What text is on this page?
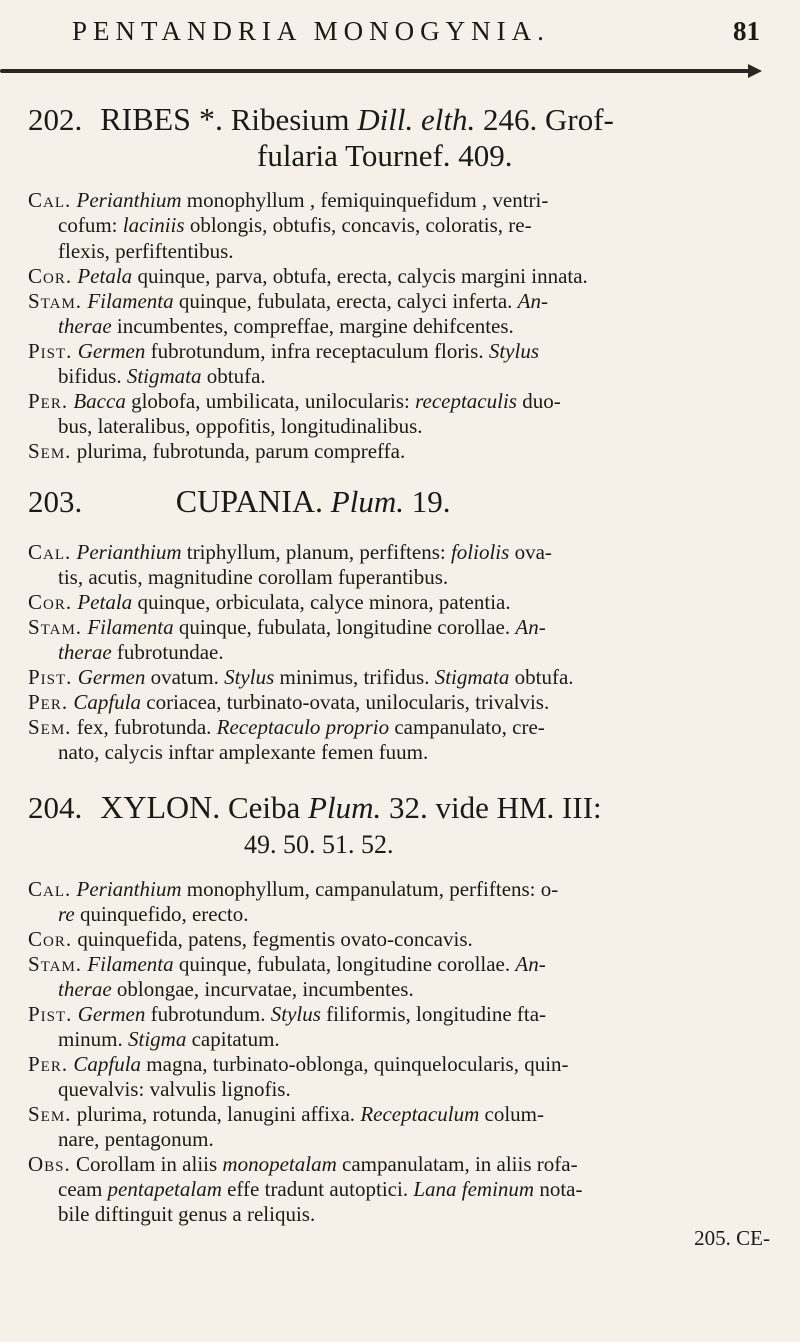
PENTANDRIA MONOGYNIA.	81
202. RIBES *. Ribesium Dill. elth. 246. Grof-
fularia Tournef. 409.
Cal. Perianthium monophyllum , femiquinquefidum , ventri-
cofum: laciniis oblongis, obtufis, concavis, coloratis, re-
flexis, perfiftentibus.
Cor. Petala quinque, parva, obtufa, erecta, calycis margini innata.
Stam. Filamenta quinque, fubulata, erecta, calyci inferta. An-
therae incumbentes, compreffae, margine dehifcentes.
Pist. Germen fubrotundum, infra receptaculum floris. Stylus
bifidus. Stigmata obtufa.
Per. Bacca globofa, umbilicata, unilocularis: receptaculis duo-
bus, lateralibus, oppofitis, longitudinalibus.
Sem. plurima, fubrotunda, parum compreffa.
203.	CUPANIA. Plum. 19.
Cal. Perianthium triphyllum, planum, perfiftens: foliolis ova-
tis, acutis, magnitudine corollam fuperantibus.
Cor. Petala quinque, orbiculata, calyce minora, patentia.
Stam. Filamenta quinque, fubulata, longitudine corollae. An-
therae fubrotundae.
Pist. Germen ovatum. Stylus minimus, trifidus. Stigmata obtufa.
Per. Capfula coriacea, turbinato-ovata, unilocularis, trivalvis.
Sem. fex, fubrotunda. Receptaculo proprio campanulato, cre-
nato, calycis inftar amplexante femen fuum.
204. XYLON. Ceiba Plum. 32. vide HM. III:
49. 50. 51. 52.
Cal. Perianthium monophyllum, campanulatum, perfiftens: o-
re quinquefido, erecto.
Cor. quinquefida, patens, fegmentis ovato-concavis.
Stam. Filamenta quinque, fubulata, longitudine corollae. An-
therae oblongae, incurvatae, incumbentes.
Pist. Germen fubrotundum. Stylus filiformis, longitudine fta-
minum. Stigma capitatum.
Per. Capfula magna, turbinato-oblonga, quinquelocularis, quin-
quevalvis: valvulis lignofis.
Sem. plurima, rotunda, lanugini affixa. Receptaculum colum-
nare, pentagonum.
Obs. Corollam in aliis monopetalam campanulatam, in aliis rofa-
ceam pentapetalam effe tradunt autoptici. Lana feminum nota-
bile diftinguit genus a reliquis.
205. CE-
